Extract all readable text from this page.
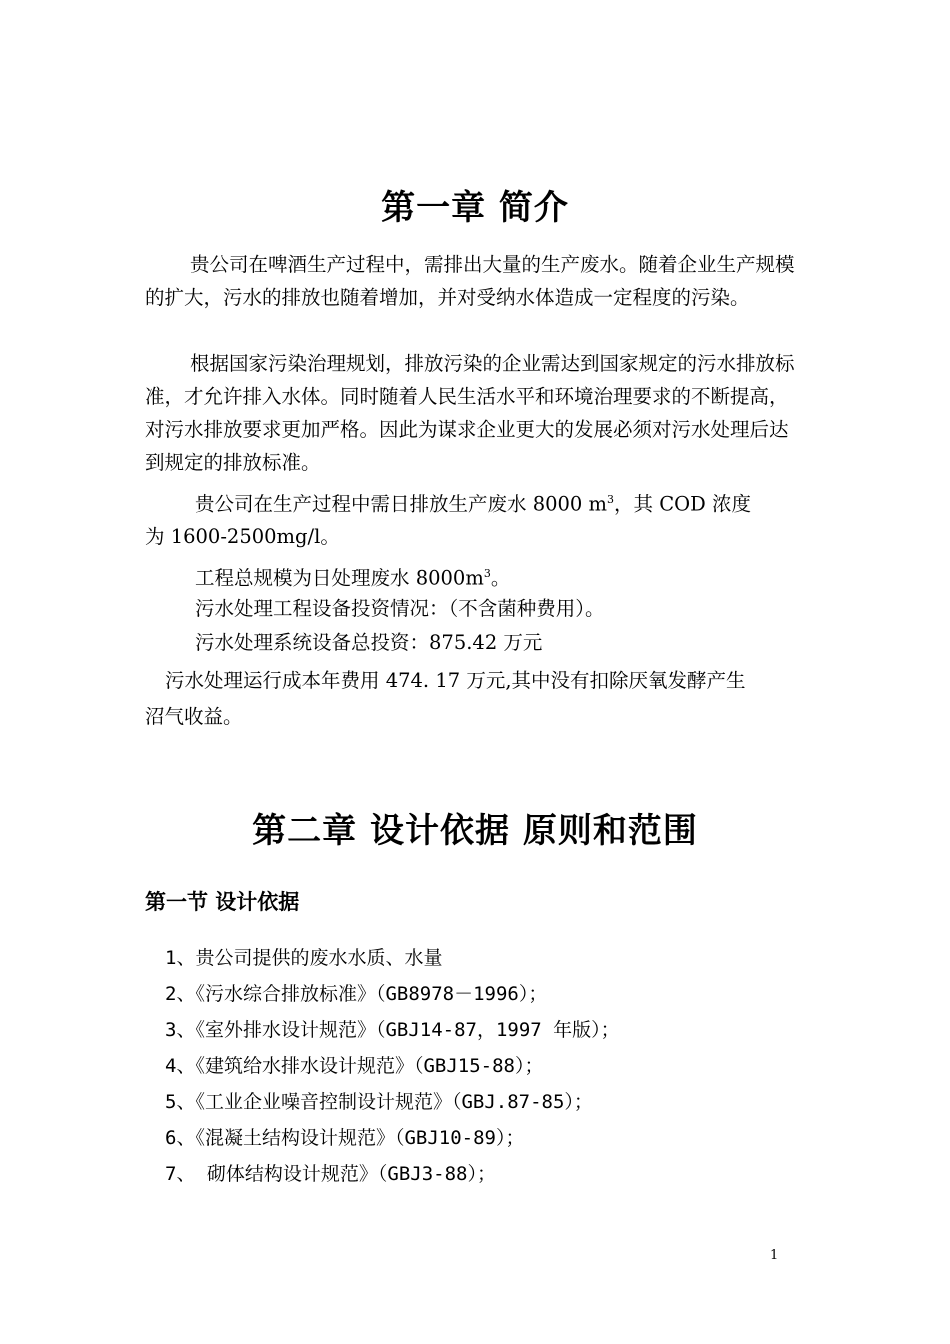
第一章 简介

贵公司在啤酒生产过程中，需排出大量的生产废水。随着企业生产规模的扩大，污水的排放也随着增加，并对受纳水体造成一定程度的污染。

根据国家污染治理规划，排放污染的企业需达到国家规定的污水排放标准，才允许排入水体。同时随着人民生活水平和环境治理要求的不断提高，对污水排放要求更加严格。因此为谋求企业更大的发展必须对污水处理后达到规定的排放标准。

贵公司在生产过程中需日排放生产废水 8000 $m^3$，其 COD 浓度

为 1600-2500mg/l。

工程总规模为日处理废水 $8000m^3$。

污水处理工程设备投资情况：（不含菌种费用）。

污水处理系统设备总投资：875.42 万元

污水处理运行成本年费用 474. 17 万元,其中没有扣除厌氧发酵产生

沼气收益。

第二章 设计依据 原则和范围
第一节 设计依据
1、贵公司提供的废水水质、水量
2、《污水综合排放标准》（GB8978－1996）；
3、《室外排水设计规范》（GBJ14-87，1997 年版）；
4、《建筑给水排水设计规范》（GBJ15-88）；
5、《工业企业噪音控制设计规范》（GBJ.87-85）；
6、《混凝土结构设计规范》（GBJ10-89）；
7、 砌体结构设计规范》（GBJ3-88）；
1
